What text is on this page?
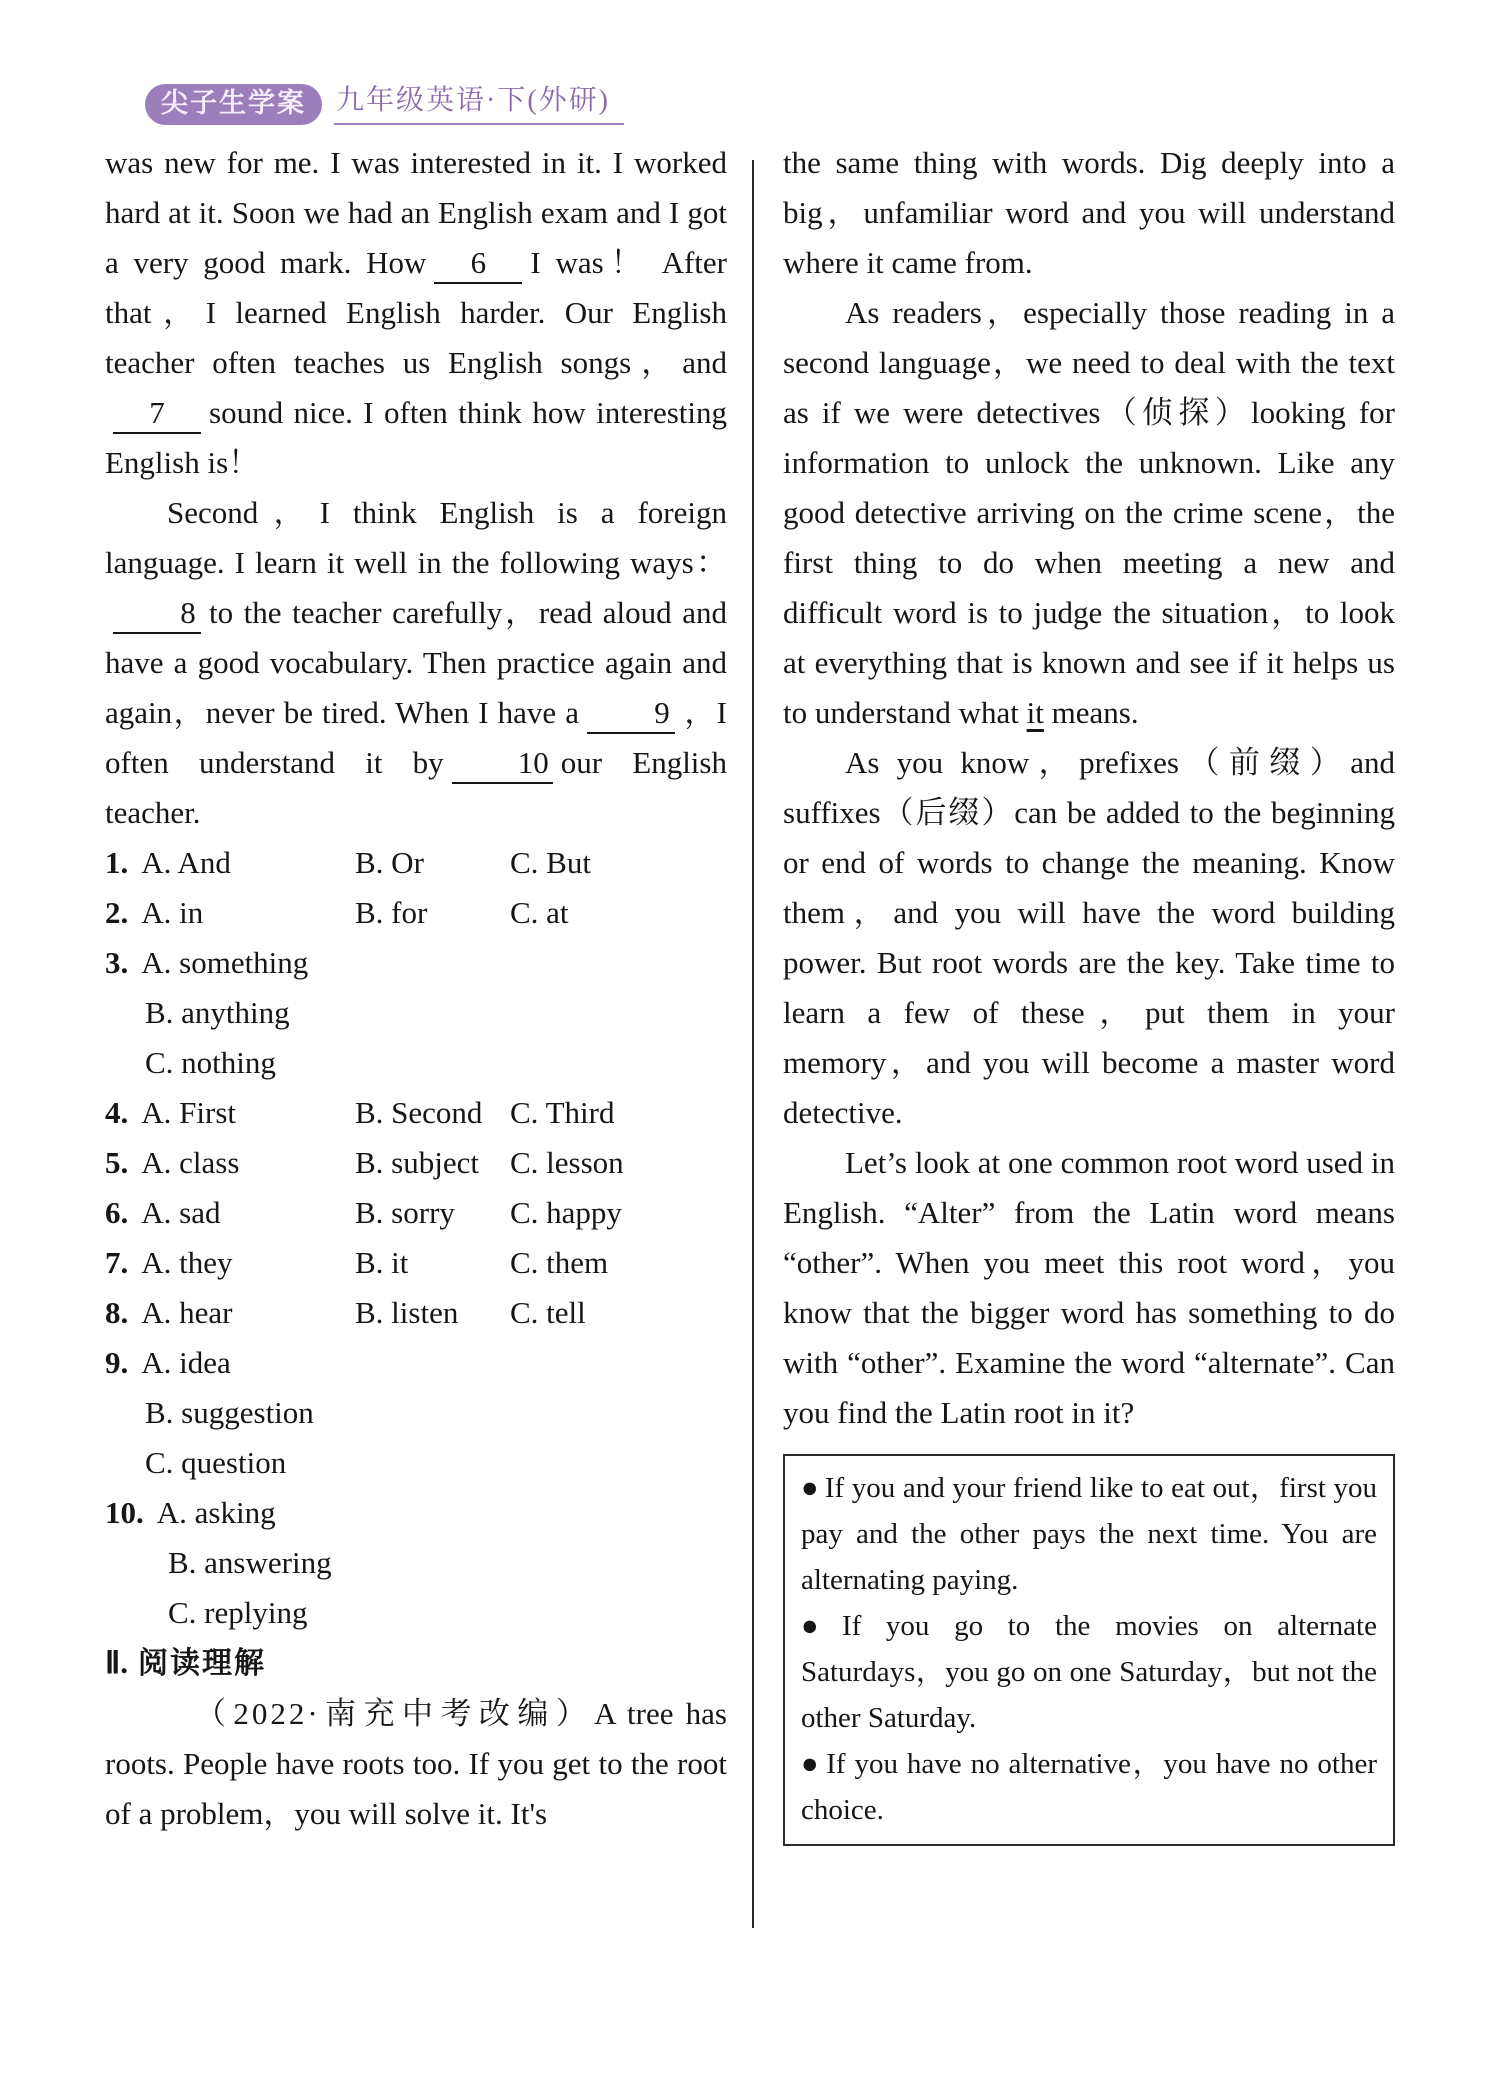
尖子生学案	九年级英语·下(外研)

was new for me. I was interested in it. I worked hard at it. Soon we had an English exam and I got a very good mark. How 6 I was！ After that，I learned English harder. Our English teacher often teaches us English songs，and7 sound nice. I often think how interesting English is！

Second，I think English is a foreign language. I learn it well in the following ways：8 to the teacher carefully，read aloud and have a good vocabulary. Then practice again and again，never be tired. When I have a 9 ，I often understand it by 10 our English teacher.

1. A. And	B. Or	C. But
2. A. in	B. for	C. at

3. A. something

B. anything

C. nothing

4. A. First	B. Second C. Third
5. A. class	B. subject	C. lesson
6. A. sad	B. sorry	C. happy
7. A. they	B. it	C. them
8. A. hear	B. listen	C. tell

9. A. idea

B. suggestion

C. question

10. A. asking

B. answering

C. replying

Ⅱ. 阅读理解

（2022·南充中考改编）A tree has roots. People have roots too. If you get to the root of a problem，you will solve it. It's

the same thing with words. Dig deeply into a big，unfamiliar word and you will understand where it came from.

As readers，especially those reading in a second language，we need to deal with the text as if we were detectives（侦探）looking for information to unlock the unknown. Like any good detective arriving on the crime scene，the first thing to do when meeting a new and difficult word is to judge the situation，to look at everything that is known and see if it helps us to understand what it means.

As you know，prefixes（前缀）and suffixes（后缀）can be added to the beginning or end of words to change the meaning. Know them，and you will have the word building power. But root words are the key. Take time to learn a few of these，put them in your memory，and you will become a master word detective.

Let’s look at one common root word used in English. “Alter” from the Latin word means “other”. When you meet this root word，you know that the bigger word has something to do with “other”. Examine the word “alternate”. Can you find the Latin root in it?

● If you and your friend like to eat out，first you pay and the other pays the next time. You are alternating paying.

● If you go to the movies on alternate Saturdays，you go on one Saturday，but not the other Saturday.

● If you have no alternative，you have no other choice.
